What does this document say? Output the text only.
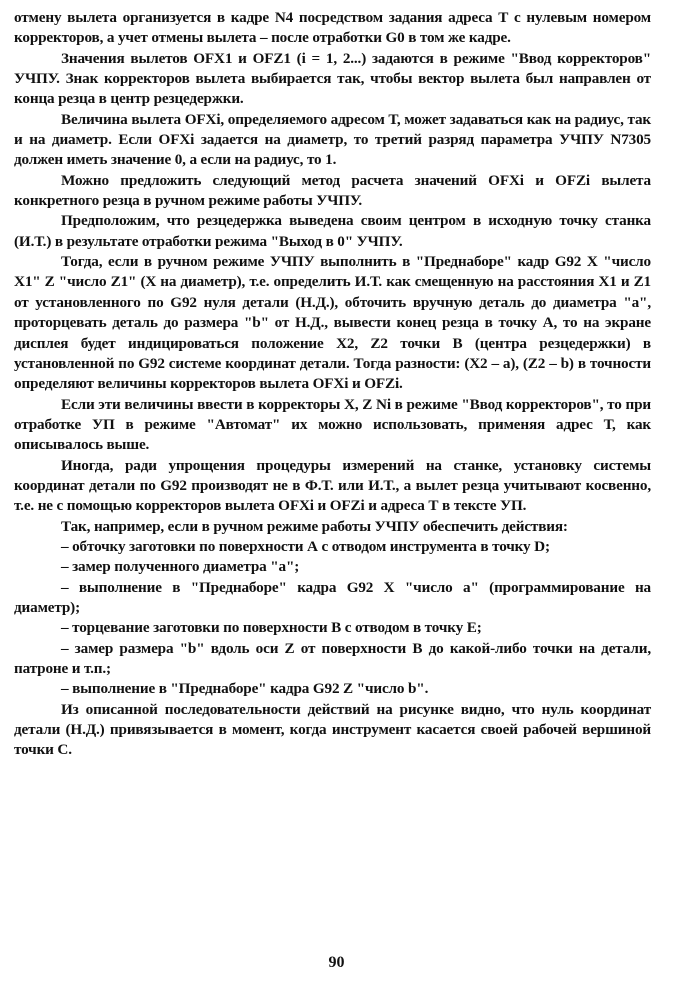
отмену вылета организуется в кадре N4 посредством задания адреса Т с нулевым номером корректоров, а учет отмены вылета – после отработки G0 в том же кадре.

Значения вылетов OFX1 и OFZ1 (i = 1, 2...) задаются в режиме "Ввод корректоров" УЧПУ. Знак корректоров вылета выбирается так, чтобы вектор вылета был направлен от конца резца в центр резцедержки.

Величина вылета OFXi, определяемого адресом Т, может задаваться как на радиус, так и на диаметр. Если OFXi задается на диаметр, то третий разряд параметра УЧПУ N7305 должен иметь значение 0, а если на радиус, то 1.

Можно предложить следующий метод расчета значений OFXi и OFZi вылета конкретного резца в ручном режиме работы УЧПУ.

Предположим, что резцедержка выведена своим центром в исходную точку станка (И.Т.) в результате отработки режима "Выход в 0" УЧПУ.

Тогда, если в ручном режиме УЧПУ выполнить в "Преднаборе" кадр G92 X "число X1" Z "число Z1" (X на диаметр), т.е. определить И.Т. как смещенную на расстояния X1 и Z1 от установленного по G92 нуля детали (Н.Д.), обточить вручную деталь до диаметра "а", проторцевать деталь до размера "b" от Н.Д., вывести конец резца в точку А, то на экране дисплея будет индицироваться положение X2, Z2 точки В (центра резцедержки) в установленной по G92 системе координат детали. Тогда разности: (X2 – a), (Z2 – b) в точности определяют величины корректоров вылета OFXi и OFZi.

Если эти величины ввести в корректоры X, Z Ni в режиме "Ввод корректоров", то при отработке УП в режиме "Автомат" их можно использовать, применяя адрес Т, как описывалось выше.

Иногда, ради упрощения процедуры измерений на станке, установку системы координат детали по G92 производят не в Ф.Т. или И.Т., а вылет резца учитывают косвенно, т.е. не с помощью корректоров вылета OFXi и OFZi и адреса Т в тексте УП.

Так, например, если в ручном режиме работы УЧПУ обеспечить действия:

– обточку заготовки по поверхности А с отводом инструмента в точку D;

– замер полученного диаметра "а";

– выполнение в "Преднаборе" кадра G92 X "число а" (программирование на диаметр);

– торцевание заготовки по поверхности В с отводом в точку Е;

– замер размера "b" вдоль оси Z от поверхности В до какой-либо точки на детали, патроне и т.п.;

– выполнение в "Преднаборе" кадра G92 Z "число b".

Из описанной последовательности действий на рисунке видно, что нуль координат детали (Н.Д.) привязывается в момент, когда инструмент касается своей рабочей вершиной точки С.

90
